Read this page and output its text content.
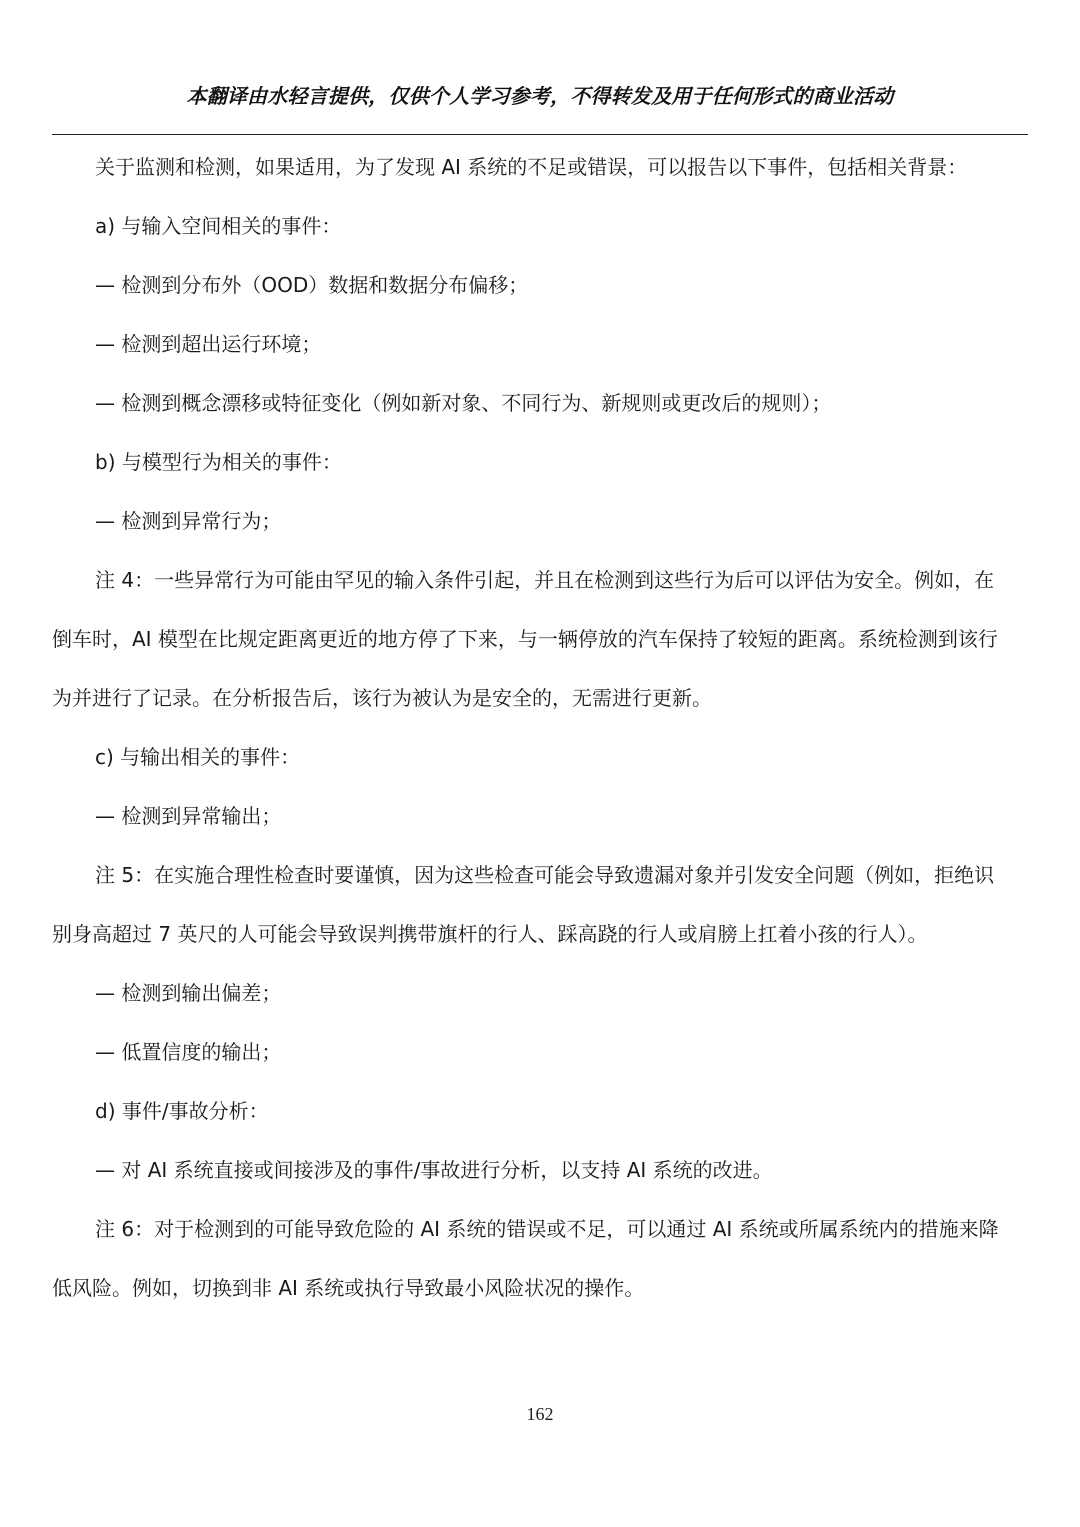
本翻译由水轻言提供，仅供个人学习参考，不得转发及用于任何形式的商业活动

关于监测和检测，如果适用，为了发现 AI 系统的不足或错误，可以报告以下事件，包括相关背景：

a) 与输入空间相关的事件：

— 检测到分布外（OOD）数据和数据分布偏移；

— 检测到超出运行环境；

— 检测到概念漂移或特征变化（例如新对象、不同行为、新规则或更改后的规则）；

b) 与模型行为相关的事件：

— 检测到异常行为；

注 4：一些异常行为可能由罕见的输入条件引起，并且在检测到这些行为后可以评估为安全。例如，在倒车时，AI 模型在比规定距离更近的地方停了下来，与一辆停放的汽车保持了较短的距离。系统检测到该行为并进行了记录。在分析报告后，该行为被认为是安全的，无需进行更新。

c) 与输出相关的事件：

— 检测到异常输出；

注 5：在实施合理性检查时要谨慎，因为这些检查可能会导致遗漏对象并引发安全问题（例如，拒绝识别身高超过 7 英尺的人可能会导致误判携带旗杆的行人、踩高跷的行人或肩膀上扛着小孩的行人）。

— 检测到输出偏差；

— 低置信度的输出；

d) 事件/事故分析：

— 对 AI 系统直接或间接涉及的事件/事故进行分析，以支持 AI 系统的改进。

注 6：对于检测到的可能导致危险的 AI 系统的错误或不足，可以通过 AI 系统或所属系统内的措施来降低风险。例如，切换到非 AI 系统或执行导致最小风险状况的操作。

162
